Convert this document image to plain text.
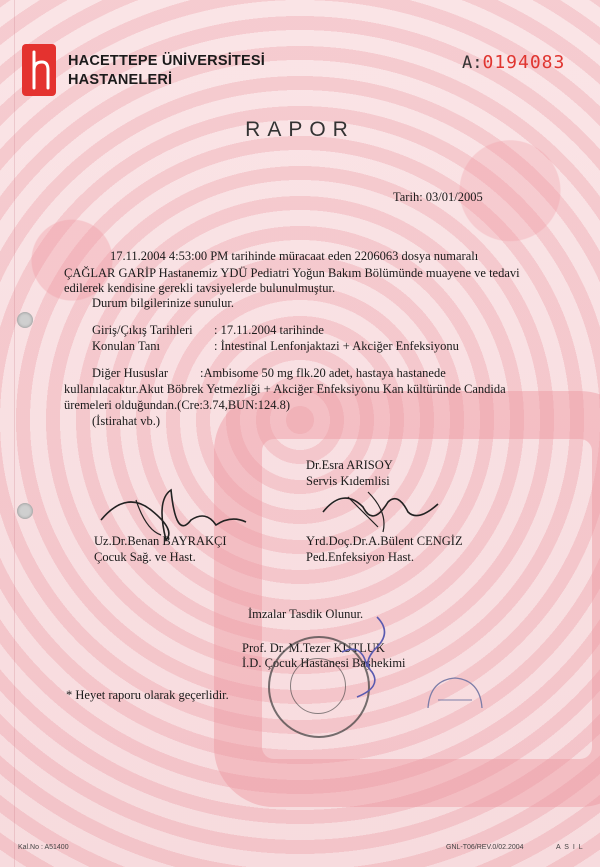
HACETTEPE ÜNİVERSİTESİ
HASTANELERİ
A:0194083
RAPOR
Tarih: 03/01/2005
17.11.2004 4:53:00 PM tarihinde müracaat eden 2206063 dosya numaralı
ÇAĞLAR GARİP Hastanemiz YDÜ Pediatri Yoğun Bakım Bölümünde muayene ve tedavi
edilerek kendisine gerekli tavsiyelerde bulunulmuştur.
Durum bilgilerinize sunulur.
Giriş/Çıkış Tarihleri : 17.11.2004 tarihinde
Konulan Tanı	: İntestinal Lenfonjaktazi + Akciğer Enfeksiyonu
Diğer Hususlar	:Ambisome 50 mg flk.20 adet, hastaya hastanede
kullanılacaktır.Akut Böbrek Yetmezliği + Akciğer Enfeksiyonu Kan kültüründe Candida
üremeleri olduğundan.(Cre:3.74,BUN:124.8)
(İstirahat vb.)
Dr.Esra ARISOY
Servis Kıdemlisi
Uz.Dr.Benan BAYRAKÇI
Çocuk Sağ. ve Hast.
Yrd.Doç.Dr.A.Bülent CENGİZ
Ped.Enfeksiyon Hast.
İmzalar Tasdik Olunur.
Prof. Dr. M.Tezer KUTLUK
İ.D. Çocuk Hastanesi Başhekimi
* Heyet raporu olarak geçerlidir.
Kal.No : A51400	GNL-T06/REV.0/02.2004	A S I L
